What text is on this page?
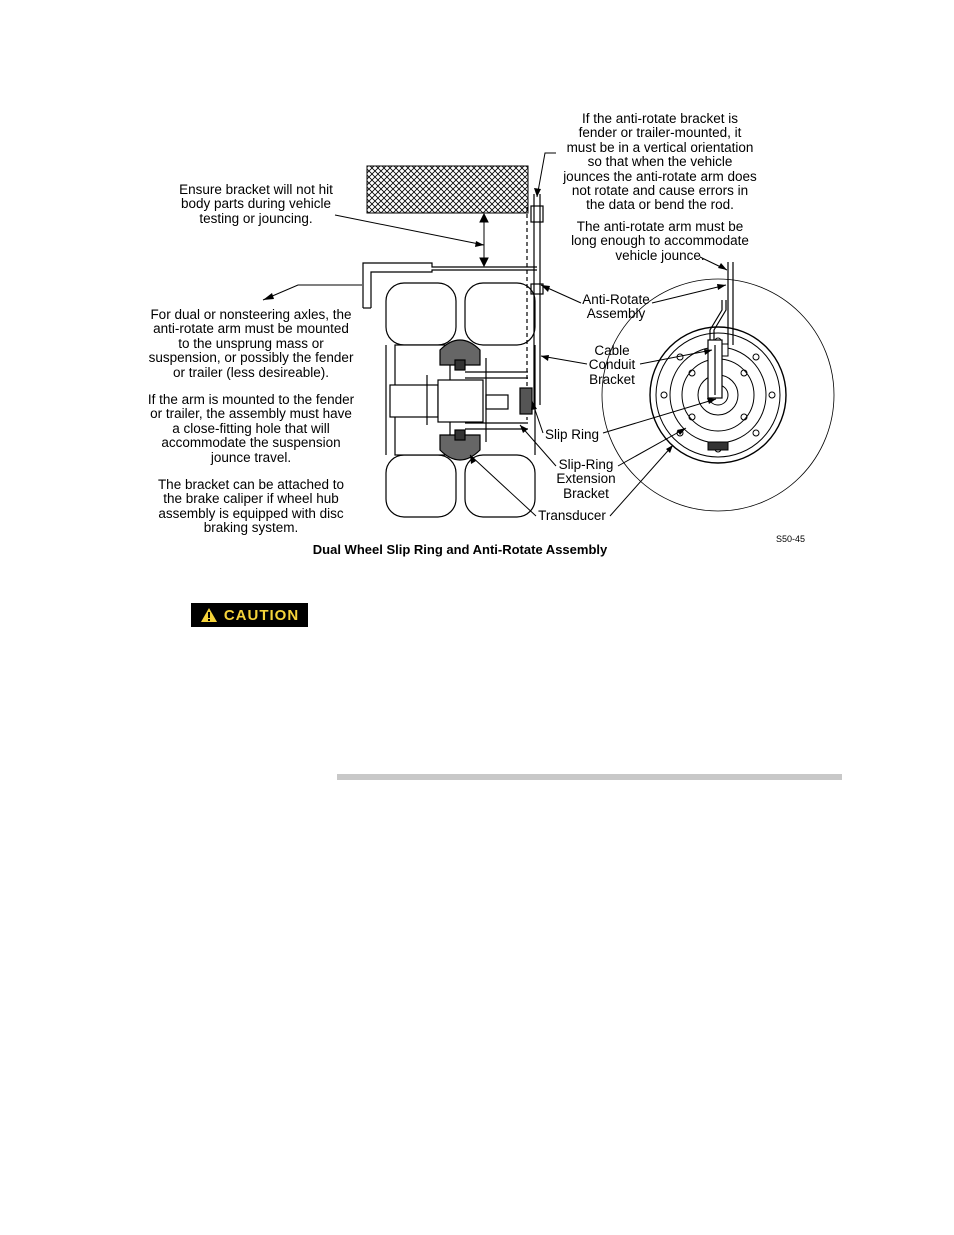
If the anti-rotate bracket is
fender or trailer-mounted, it
must be in a vertical orientation
so that when the vehicle
jounces the anti-rotate arm does
not rotate and cause errors in
the data or bend the rod.
The anti-rotate arm must be
long enough to accommodate
vehicle jounce.
Ensure bracket will not hit
body parts during vehicle
testing or jouncing.
For dual or nonsteering axles, the
anti-rotate arm must be mounted
to the unsprung mass or
suspension, or possibly the fender
or trailer (less desireable).
If the arm is mounted to the fender
or trailer, the assembly must have
a close-fitting hole that will
accommodate the suspension
jounce travel.
The bracket can be attached to
the brake caliper if wheel hub
assembly is equipped with disc
braking system.
Anti-Rotate
Assembly
Cable
Conduit
Bracket
Slip Ring
Slip-Ring
Extension
Bracket
Transducer
S50-45
Dual Wheel Slip Ring and Anti-Rotate Assembly
CAUTION
